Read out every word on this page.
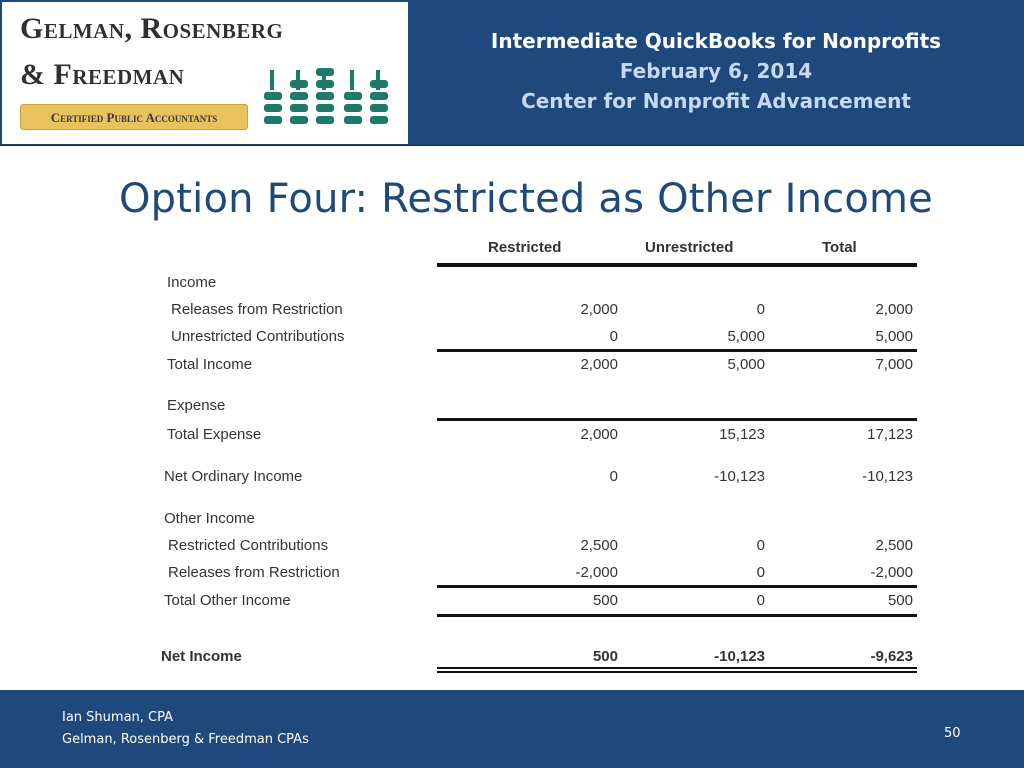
Gelman, Rosenberg
& Freedman
Certified Public Accountants
Intermediate QuickBooks for Nonprofits
February 6, 2014
Center for Nonprofit Advancement
Option Four: Restricted as Other Income
Restricted	Unrestricted	Total
Income
Releases from Restriction	2,000	0	2,000
Unrestricted Contributions	0	5,000	5,000
Total Income	2,000	5,000	7,000
Expense
Total Expense	2,000	15,123	17,123
Net Ordinary Income	0	-10,123	-10,123
Other Income
Restricted Contributions	2,500	0	2,500
Releases from Restriction	-2,000	0	-2,000
Total Other Income	500	0	500
Net Income	500	-10,123	-9,623
Ian Shuman, CPA
Gelman, Rosenberg & Freedman CPAs	50
